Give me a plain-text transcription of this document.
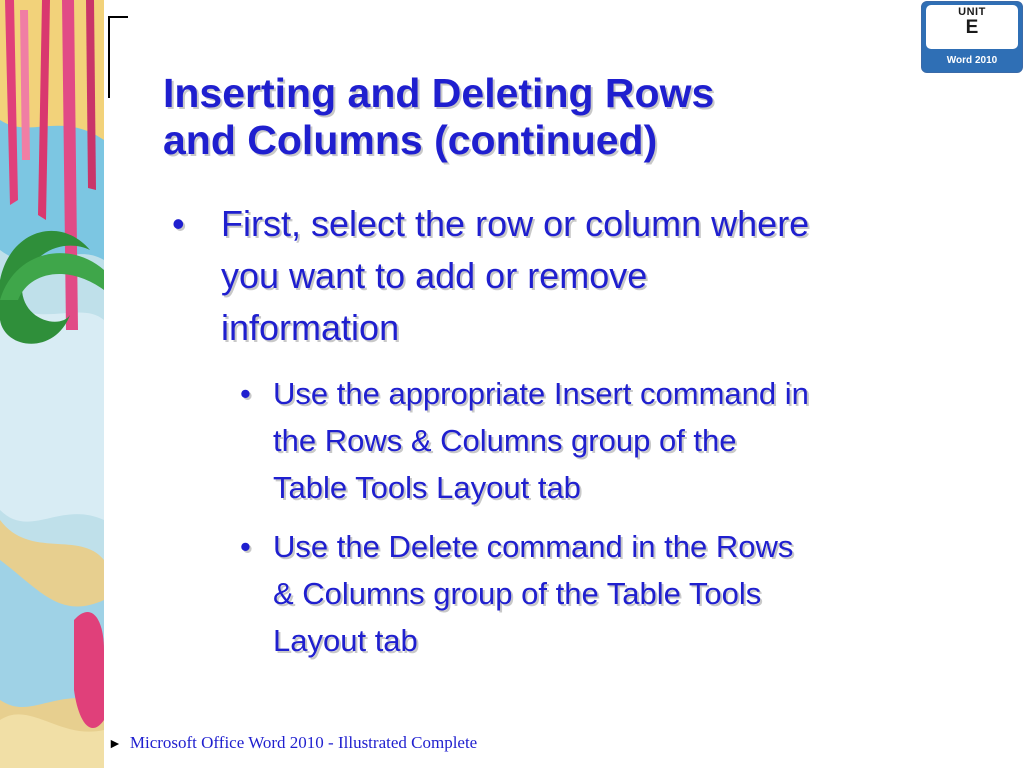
UNIT
E
Word 2010
Inserting and Deleting Rows
and Columns (continued)
• First, select the row or column where
you want to add or remove
information
• Use the appropriate Insert command in
the Rows & Columns group of the
Table Tools Layout tab
• Use the Delete command in the Rows
& Columns group of the Table Tools
Layout tab
► Microsoft Office Word 2010 - Illustrated Complete
